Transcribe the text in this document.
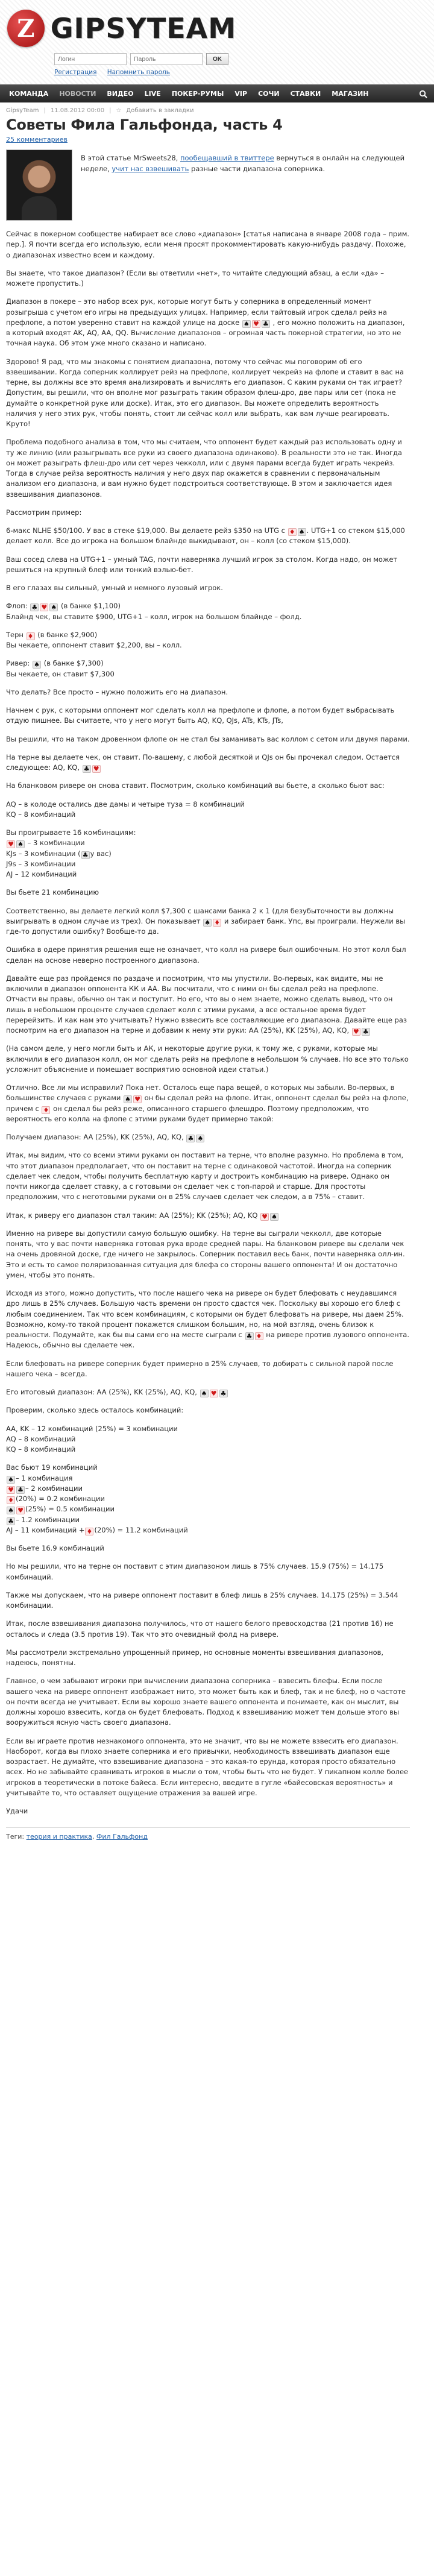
Z GIPSYTEAM
Логин
OK
Регистрация Напомнить пароль
КОМАНДА	НОВОСТИ	ВИДЕО	LIVE	ПОКЕР-РУМЫ	VIP	СОЧИ	СТАВКИ	МАГАЗИН
GipsyTeam | 11.08.2012 00:00 | ☆ Добавить в закладки
Советы Фила Гальфонда, часть 4
25 комментариев
В этой статье MrSweets28, пообещавший в твиттере вернуться в онлайн на следующей неделе, учит нас взвешивать разные части диапазона соперника.

Сейчас в покерном сообществе набирает все слово «диапазон» [статья написана в январе 2008 года – прим. пер.]. Я почти всегда его использую, если меня просят прокомментировать какую-нибудь раздачу. Похоже, о диапазонах известно всем и каждому.

Вы знаете, что такое диапазон? (Если вы ответили «нет», то читайте следующий абзац, а если «да» – можете пропустить.)

Диапазон в покере – это набор всех рук, которые могут быть у соперника в определенный момент розыгрыша с учетом его игры на предыдущих улицах. Например, если тайтовый игрок сделал рейз на префлопе, а потом уверенно ставит на каждой улице на доске ♠ ♥ ♣ , его можно положить на диапазон, в который входят AK, AQ, AA, QQ. Вычисление диапазонов – огромная часть покерной стратегии, но это не точная наука. Об этом уже много сказано и написано.

Здорово! Я рад, что мы знакомы с понятием диапазона, потому что сейчас мы поговорим об его взвешивании. Когда соперник коллирует рейз на префлопе, коллирует чекрейз на флопе и ставит в вас на терне, вы должны все это время анализировать и вычислять его диапазон. С каким руками он так играет? Допустим, вы решили, что он вполне мог разыграть таким образом флеш-дро, две пары или сет (пока не думайте о конкретной руке или доске). Итак, это его диапазон. Вы можете определить вероятность наличия у него этих рук, чтобы понять, стоит ли сейчас колл или выбрать, как вам лучше реагировать. Круто!

Проблема подобного анализа в том, что мы считаем, что оппонент будет каждый раз использовать одну и ту же линию (или разыгрывать все руки из своего диапазона одинаково). В реальности это не так. Иногда он может разыграть флеш-дро или сет через чекколл, или с двумя парами всегда будет играть чекрейз. Тогда в случае рейза вероятность наличия у него двух пар окажется в сравнении с первоначальным анализом его диапазона, и вам нужно будет подстроиться соответствующе. В этом и заключается идея взвешивания диапазонов.

Рассмотрим пример:

6-макс NLHE $50/100. У вас в стеке $19,000. Вы делаете рейз $350 на UTG с ♦ ♠ . UTG+1 со стеком $15,000 делает колл. Все до игрока на большом блайнде выкидывают, он – колл (со стеком $15,000).

Ваш сосед слева на UTG+1 – умный TAG, почти наверняка лучший игрок за столом. Когда надо, он может решиться на крупный блеф или тонкий вэлью-бет.

В его глазах вы сильный, умный и немного лузовый игрок.

Флоп: ♣ ♥ ♠ (в банке $1,100)
Блайнд чек, вы ставите $900, UTG+1 – колл, игрок на большом блайнде – фолд.

Терн ♦ (в банке $2,900)
Вы чекаете, оппонент ставит $2,200, вы – колл.

Ривер: ♠ (в банке $7,300)
Вы чекаете, он ставит $7,300

Что делать? Все просто – нужно положить его на диапазон.

Начнем с рук, с которыми оппонент мог сделать колл на префлопе и флопе, а потом будет выбрасывать отдую пишнее. Вы считаете, что у него могут быть AQ, KQ, QJs, ATs, KTs, JTs,

Вы решили, что на таком дровенном флопе он не стал бы заманивать вас коллом с сетом или двумя парами.

На терне вы делаете чек, он ставит. По-вашему, с любой десяткой и QJs он бы прочекал следом. Остается следующее: AQ, KQ, ♣ ♥

На бланковом ривере он снова ставит. Посмотрим, сколько комбинаций вы бьете, а сколько бьют вас:

AQ – в колоде остались две дамы и четыре туза = 8 комбинаций
KQ – 8 комбинаций

Вы проигрываете 16 комбинациям:
♥ ♠ – 3 комбинации
KJs – 3 комбинации ( ♣ у вас)
J9s – 3 комбинации
AJ – 12 комбинаций

Вы бьете 21 комбинацию

Соответственно, вы делаете легкий колл $7,300 с шансами банка 2 к 1 (для безубыточности вы должны выигрывать в одном случае из трех). Он показывает ♠ ♦ и забирает банк. Упс, вы проиграли. Неужели вы где-то допустили ошибку? Вообще-то да.

Ошибка в одере принятия решения еще не означает, что колл на ривере был ошибочным. Но этот колл был сделан на основе неверно построенного диапазона.

Давайте еще раз пройдемся по раздаче и посмотрим, что мы упустили. Во-первых, как видите, мы не включили в диапазон оппонента КК и АА. Вы посчитали, что с ними он бы сделал рейз на префлопе. Отчасти вы правы, обычно он так и поступит. Но его, что вы о нем знаете, можно сделать вывод, что он лишь в небольшом проценте случаев сделает колл с этими руками, а все остальное время будет перерейзить. И как нам это учитывать? Нужно взвесить все составляющие его диапазона. Давайте еще раз посмотрим на его диапазон на терне и добавим к нему эти руки: AA (25%), KK (25%), AQ, KQ, ♥ ♣

(На самом деле, у него могли быть и АК, и некоторые другие руки, к тому же, с руками, которые мы включили в его диапазон колл, он мог сделать рейз на префлопе в небольшом % случаев. Но все это только усложнит объяснение и помешает восприятию основной идеи статьи.)

Отлично. Все ли мы исправили? Пока нет. Осталось еще пара вещей, о которых мы забыли. Во-первых, в большинстве случаев с руками ♠ ♥ он бы сделал рейз на флопе. Итак, оппонент сделал бы рейз на флопе, причем с ♦ он сделал бы рейз реже, описанного старшего флешдро. Поэтому предположим, что вероятность его колла на флопе с этими руками будет примерно такой:

Получаем диапазон: AA (25%), KK (25%), AQ, KQ, ♣ ♠

Итак, мы видим, что со всеми этими руками он поставит на терне, что вполне разумно. Но проблема в том, что этот диапазон предполагает, что он поставит на терне с одинаковой частотой. Иногда на соперник сделает чек следом, чтобы получить бесплатную карту и достроить комбинацию на ривере. Однако он почти никогда сделает ставку, а с готовыми он сделает чек с топ-парой и старше. Для простоты предположим, что с неготовыми руками он в 25% случаев сделает чек следом, а в 75% – ставит.

Итак, к риверу его диапазон стал таким: AA (25%); KK (25%); AQ, KQ ♥ ♠

Именно на ривере вы допустили самую большую ошибку. На терне вы сыграли чекколл, две которые понять, что у вас почти наверняка готовая рука вроде средней пары. На бланковом ривере вы сделали чек на очень дровяной доске, где ничего не закрылось. Соперник поставил весь банк, почти наверняка олл-ин. Это и есть то самое поляризованная ситуация для блефа со стороны вашего оппонента! И он достаточно умен, чтобы это понять.

Исходя из этого, можно допустить, что после нашего чека на ривере он будет блефовать с неудавшимся дро лишь в 25% случаев. Большую часть времени он просто сдастся чек. Поскольку вы хорошо его блеф с любым соединением. Так что всем комбинациям, с которыми он будет блефовать на ривере, мы даем 25%. Возможно, кому-то такой процент покажется слишком большим, но, на мой взгляд, очень близок к реальности. Подумайте, как бы вы сами его на месте сыграли с ♣ ♦ на ривере против лузового оппонента. Надеюсь, обычно вы сделаете чек.

Если блефовать на ривере соперник будет примерно в 25% случаев, то добирать с сильной парой после нашего чека – всегда.

Его итоговый диапазон: AA (25%), KK (25%), AQ, KQ, ♠ ♥ ♣

Проверим, сколько здесь осталось комбинаций:

AA, KK – 12 комбинаций (25%) = 3 комбинации
AQ – 8 комбинаций
KQ – 8 комбинаций

Вас бьют 19 комбинаций
♠ – 1 комбинация
♥ ♣ – 2 комбинации
♦ (20%) = 0.2 комбинации
♠ ♥ (25%) = 0.5 комбинации
♣ – 1.2 комбинации
AJ – 11 комбинаций + ♦ (20%) = 11.2 комбинаций

Вы бьете 16.9 комбинаций

Но мы решили, что на терне он поставит с этим диапазоном лишь в 75% случаев. 15.9 (75%) = 14.175 комбинаций.

Также мы допускаем, что на ривере оппонент поставит в блеф лишь в 25% случаев. 14.175 (25%) = 3.544 комбинации.

Итак, после взвешивания диапазона получилось, что от нашего белого превосходства (21 против 16) не осталось и следа (3.5 против 19). Так что это очевидный фолд на ривере.

Мы рассмотрели экстремально упрощенный пример, но основные моменты взвешивания диапазонов, надеюсь, понятны.

Главное, о чем забывают игроки при вычислении диапазона соперника – взвесить блефы. Если после вашего чека на ривере оппонент изображает нито, это может быть как и блеф, так и не блеф, но о частоте он почти всегда не учитывает. Если вы хорошо знаете вашего оппонента и понимаете, как он мыслит, вы должны хорошо взвесить, когда он будет блефовать. Подход к взвешиванию может тем дольше этого вы вооружиться ясную часть своего диапазона.

Если вы играете против незнакомого оппонента, это не значит, что вы не можете взвесить его диапазон. Наоборот, когда вы плохо знаете соперника и его привычки, необходимость взвешивать диапазон еще возрастает. Не думайте, что взвешивание диапазона – это какая-то ерунда, которая просто обязательно всех. Но не забывайте сравнивать игроков в мысли о том, чтобы быть что не будет. У пикапном колле более игроков в теоретически в потоке байеса. Если интересно, введите в гугле «байесовская вероятность» и учитывайте то, что оставляет ощущение отражения за вашей игре.

Удачи

Теги: теория и практика, Фил Гальфонд
